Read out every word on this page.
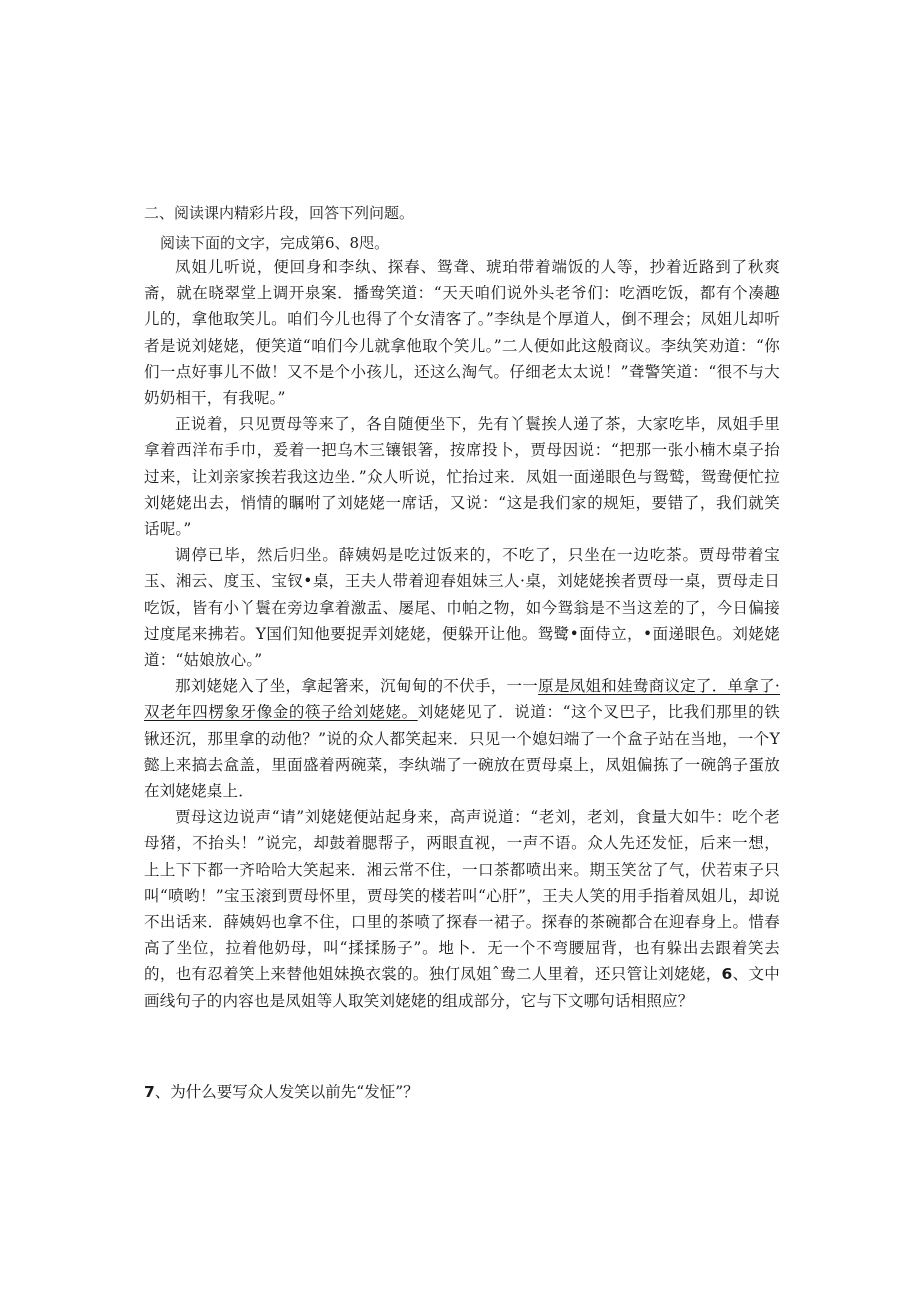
二、阅读课内精彩片段，回答下列问题。
阅读下面的文字，完成第6、8咫。

凤姐儿听说，便回身和李纨、探春、鸳聋、琥珀带着端饭的人等，抄着近路到了秋爽斋，就在晓翠堂上调开泉案．播鸯笑道：“天天咱们说外头老爷们：吃酒吃饭，都有个凑趣儿的，拿他取笑儿。咱们今儿也得了个女清客了。”李纨是个厚道人，倒不理会；凤姐儿却听者是说刘姥姥，便笑道“咱们今儿就拿他取个笑儿。”二人便如此这般商议。李纨笑劝道：“你们一点好事儿不做！又不是个小孩儿，还这么淘气。仔细老太太说！”聋警笑道：“很不与大奶奶相干，有我呢。”

正说着，只见贾母等来了，各自随便坐下，先有丫鬟挨人递了茶，大家吃毕，凤姐手里拿着西洋布手巾，爰着一把乌木三镶银箸，按席投卜，贾母因说：“把那一张小楠木桌子抬过来，让刘亲家挨若我这边坐．”众人听说，忙抬过来．凤姐一面递眼色与鸳鹫，鸳鸯便忙拉刘姥姥出去，悄情的瞩咐了刘姥姥一席话，又说：“这是我们家的规矩，要错了，我们就笑话呢。”

调停已毕，然后归坐。薛姨妈是吃过饭来的，不吃了，只坐在一边吃茶。贾母带着宝玉、湘云、度玉、宝钗•桌，王夫人带着迎春姐妹三人·桌，刘姥姥挨者贾母一桌，贾母走日吃饭，皆有小丫鬟在旁边拿着激盂、屡尾、巾帕之物，如今鸳翁是不当这差的了，今日偏接过度尾来拂若。Y国们知他要捉弄刘姥姥，便躲开让他。鸳鹭•面侍立，•面递眼色。刘姥姥道：“姑娘放心。”

那刘姥姥入了坐，拿起箸来，沉甸甸的不伏手，一一原是凤姐和娃鸯商议定了．单拿了·双老年四楞象牙像金的筷子给刘姥姥。刘姥姥见了．说道：“这个叉巴子，比我们那里的铁锹还沉，那里拿的动他？”说的众人都笑起来．只见一个媳妇端了一个盒子站在当地，一个Y懿上来搞去盒盖，里面盛着两碗菜，李纨端了一碗放在贾母桌上，凤姐偏拣了一碗鸽子蛋放在刘姥姥桌上．

贾母这边说声“请”刘姥姥便站起身来，高声说道：“老刘，老刘，食量大如牛：吃个老母猪，不抬头！”说完，却鼓着腮帮子，两眼直视，一声不语。众人先还发怔，后来一想，上上下下都一齐哈哈大笑起来．湘云常不住，一口茶都喷出来。期玉笑岔了气，伏若束子只叫“喷哟！”宝玉滚到贾母怀里，贾母笑的楼若叫“心肝”，王夫人笑的用手指着凤姐儿，却说不出话来．薛姨妈也拿不住，口里的茶喷了探春一裙子。探春的茶碗都合在迎春身上。惜春高了坐位，拉着他奶母，叫“揉揉肠子”。地卜．无一个不弯腰屈背，也有躲出去跟着笑去的，也有忍着笑上来替他姐妹换衣裳的。独仃凤姐ˆ鸯二人里着，还只管让刘姥姥，6、文中画线句子的内容也是凤姐等人取笑刘姥姥的组成部分，它与下文哪句话相照应？

7、为什么要写众人发笑以前先“发怔”？
